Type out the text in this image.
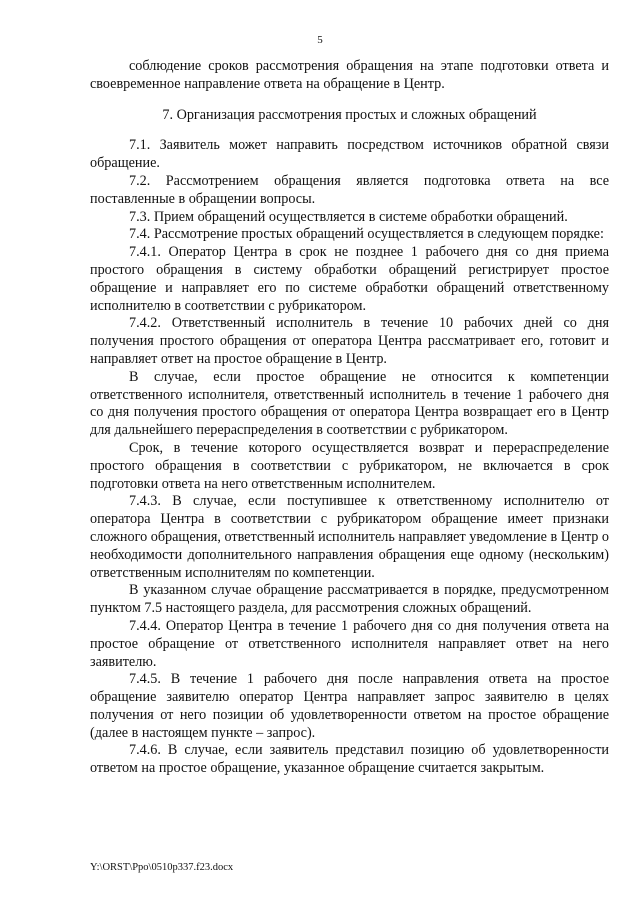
5

соблюдение сроков рассмотрения обращения на этапе подготовки ответа и своевременное направление ответа на обращение в Центр.

7. Организация рассмотрения простых и сложных обращений

7.1. Заявитель может направить посредством источников обратной связи обращение.

7.2. Рассмотрением обращения является подготовка ответа на все поставленные в обращении вопросы.

7.3. Прием обращений осуществляется в системе обработки обращений.

7.4. Рассмотрение простых обращений осуществляется в следующем порядке:

7.4.1. Оператор Центра в срок не позднее 1 рабочего дня со дня приема простого обращения в систему обработки обращений регистрирует простое обращение и направляет его по системе обработки обращений ответственному исполнителю в соответствии с рубрикатором.

7.4.2. Ответственный исполнитель в течение 10 рабочих дней со дня получения простого обращения от оператора Центра рассматривает его, готовит и направляет ответ на простое обращение в Центр.

В случае, если простое обращение не относится к компетенции ответственного исполнителя, ответственный исполнитель в течение 1 рабочего дня со дня получения простого обращения от оператора Центра возвращает его в Центр для дальнейшего перераспределения в соответствии с рубрикатором.

Срок, в течение которого осуществляется возврат и перераспределение простого обращения в соответствии с рубрикатором, не включается в срок подготовки ответа на него ответственным исполнителем.

7.4.3. В случае, если поступившее к ответственному исполнителю от оператора Центра в соответствии с рубрикатором обращение имеет признаки сложного обращения, ответственный исполнитель направляет уведомление в Центр о необходимости дополнительного направления обращения еще одному (нескольким) ответственным исполнителям по компетенции.

В указанном случае обращение рассматривается в порядке, предусмотренном пунктом 7.5 настоящего раздела, для рассмотрения сложных обращений.

7.4.4. Оператор Центра в течение 1 рабочего дня со дня получения ответа на простое обращение от ответственного исполнителя направляет ответ на него заявителю.

7.4.5. В течение 1 рабочего дня после направления ответа на простое обращение заявителю оператор Центра направляет запрос заявителю в целях получения от него позиции об удовлетворенности ответом на простое обращение (далее в настоящем пункте – запрос).

7.4.6. В случае, если заявитель представил позицию об удовлетворенности ответом на простое обращение, указанное обращение считается закрытым.

Y:\ORST\Ppo\0510p337.f23.docx
